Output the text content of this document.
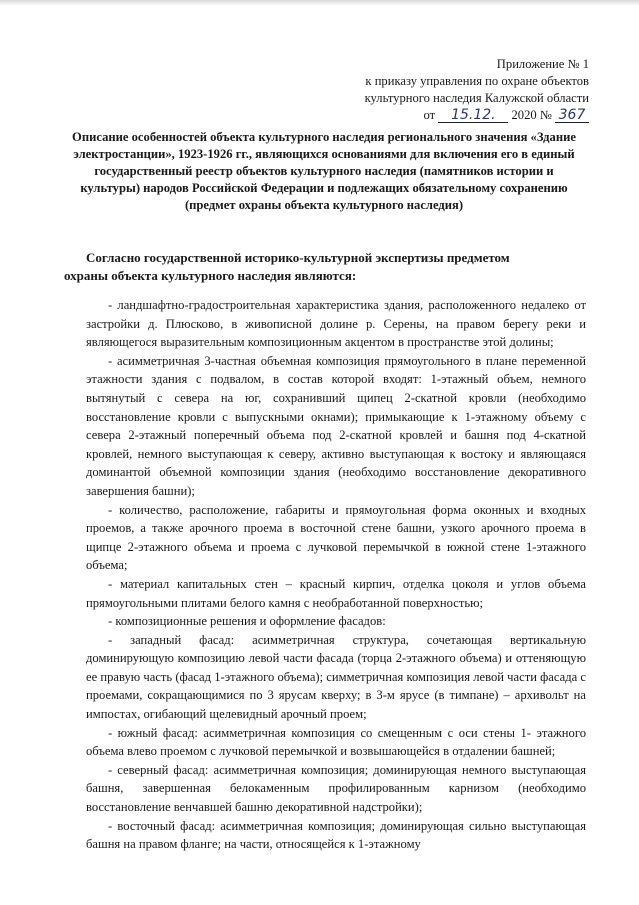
Приложение № 1
к приказу управления по охране объектов
культурного наследия Калужской области
от 15.12. 2020 № 367
Описание особенностей объекта культурного наследия регионального значения «Здание электростанции», 1923-1926 гг., являющихся основаниями для включения его в единый государственный реестр объектов культурного наследия (памятников истории и культуры) народов Российской Федерации и подлежащих обязательному сохранению (предмет охраны объекта культурного наследия)
Согласно государственной историко-культурной экспертизы предметом
охраны объекта культурного наследия являются:

- ландшафтно-градостроительная характеристика здания, расположенного недалеко от застройки д. Плюсково, в живописной долине р. Серены, на правом берегу реки и являющегося выразительным композиционным акцентом в пространстве этой долины;

- асимметричная 3-частная объемная композиция прямоугольного в плане переменной этажности здания с подвалом, в состав которой входят: 1-этажный объем, немного вытянутый с севера на юг, сохранивший щипец 2-скатной кровли (необходимо восстановление кровли с выпускными окнами); примыкающие к 1-этажному объему с севера 2-этажный поперечный объема под 2-скатной кровлей и башня под 4-скатной кровлей, немного выступающая к северу, активно выступающая к востоку и являющаяся доминантой объемной композиции здания (необходимо восстановление декоративного завершения башни);

- количество, расположение, габариты и прямоугольная форма оконных и входных проемов, а также арочного проема в восточной стене башни, узкого арочного проема в щипце 2-этажного объема и проема с лучковой перемычкой в южной стене 1-этажного объема;

- материал капитальных стен – красный кирпич, отделка цоколя и углов объема прямоугольными плитами белого камня с необработанной поверхностью;

- композиционные решения и оформление фасадов:

- западный фасад: асимметричная структура, сочетающая вертикальную доминирующую композицию левой части фасада (торца 2-этажного объема) и оттеняющую ее правую часть (фасад 1-этажного объема); симметричная композиция левой части фасада с проемами, сокращающимися по 3 ярусам кверху; в 3-м ярусе (в тимпане) – архивольт на импостах, огибающий щелевидный арочный проем;

- южный фасад: асимметричная композиция со смещенным с оси стены 1- этажного объема влево проемом с лучковой перемычкой и возвышающейся в отдалении башней;

- северный фасад: асимметричная композиция; доминирующая немного выступающая башня, завершенная белокаменным профилированным карнизом (необходимо восстановление венчавшей башню декоративной надстройки);

- восточный фасад: асимметричная композиция; доминирующая сильно выступающая башня на правом фланге; на части, относящейся к 1-этажному
